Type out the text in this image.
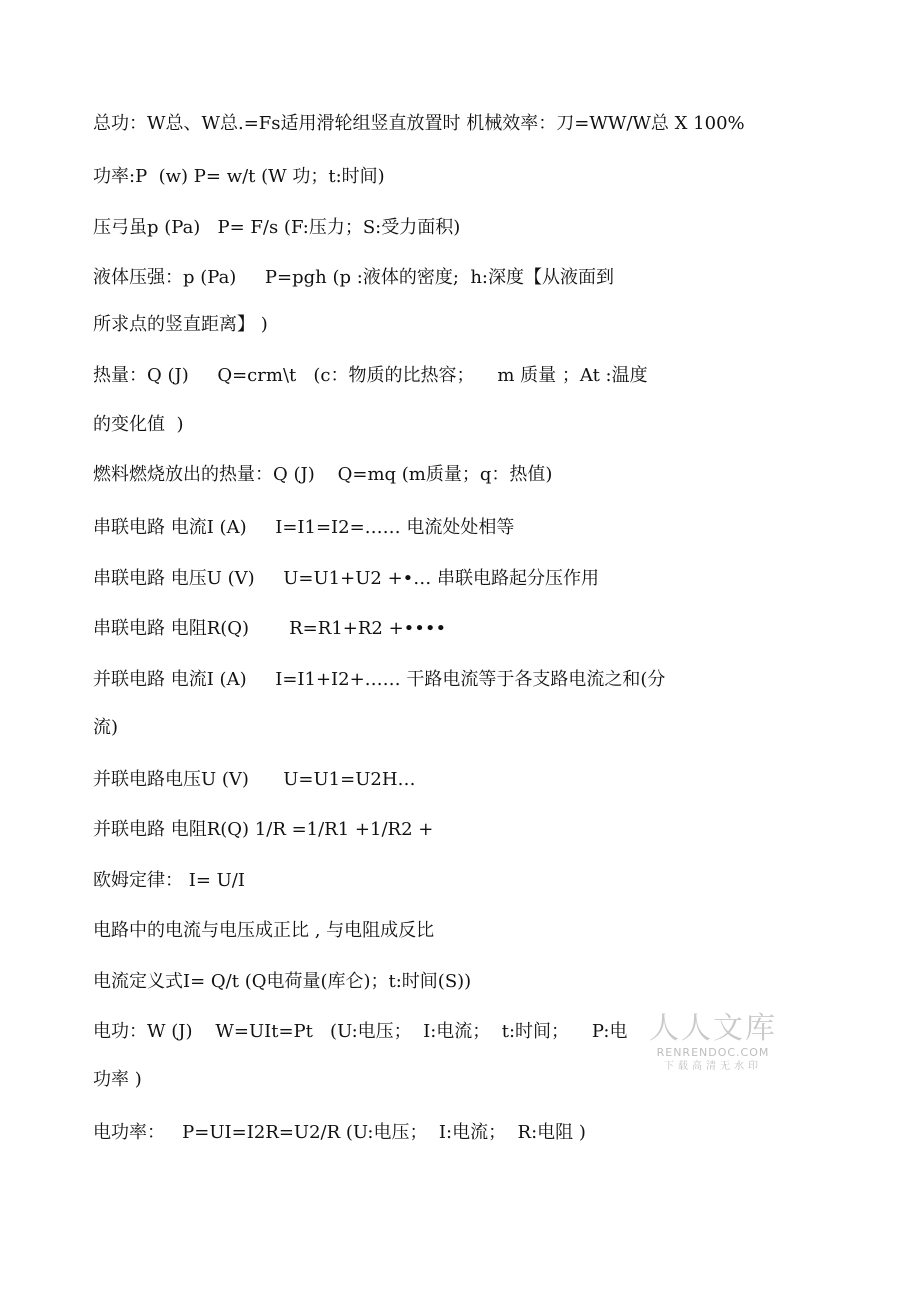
总功：W总、W总.=Fs适用滑轮组竖直放置时 机械效率：刀=WW/W总 X 100%
功率:P  (w) P= w/t (W 功；t:时间)
压弓虽p (Pa)   P= F/s (F:压力；S:受力面积)
液体压强：p (Pa)     P=pgh (p :液体的密度;  h:深度【从液面到
所求点的竖直距离】 )
热量：Q (J)     Q=crm\t   (c：物质的比热容；    m 质量 ；At :温度
的变化值  )
燃料燃烧放出的热量：Q (J)    Q=mq (m质量；q：热值)
串联电路 电流I (A)     I=I1=I2=…… 电流处处相等
串联电路 电压U (V)     U=U1+U2 +•… 串联电路起分压作用
串联电路 电阻R(Q)       R=R1+R2 +••••
并联电路 电流I (A)     I=I1+I2+…… 干路电流等于各支路电流之和(分
流)
并联电路电压U (V)      U=U1=U2H…
并联电路 电阻R(Q) 1/R =1/R1 +1/R2 +
欧姆定律： I= U/I
电路中的电流与电压成正比 , 与电阻成反比
电流定义式I= Q/t (Q电荷量(库仑)；t:时间(S))
电功：W (J)    W=UIt=Pt   (U:电压；  I:电流；  t:时间；    P:电
功率 )
电功率：   P=UI=I2R=U2/R (U:电压；  I:电流；  R:电阻 )
人人文库
RENRENDOC.COM
下载高清无水印
